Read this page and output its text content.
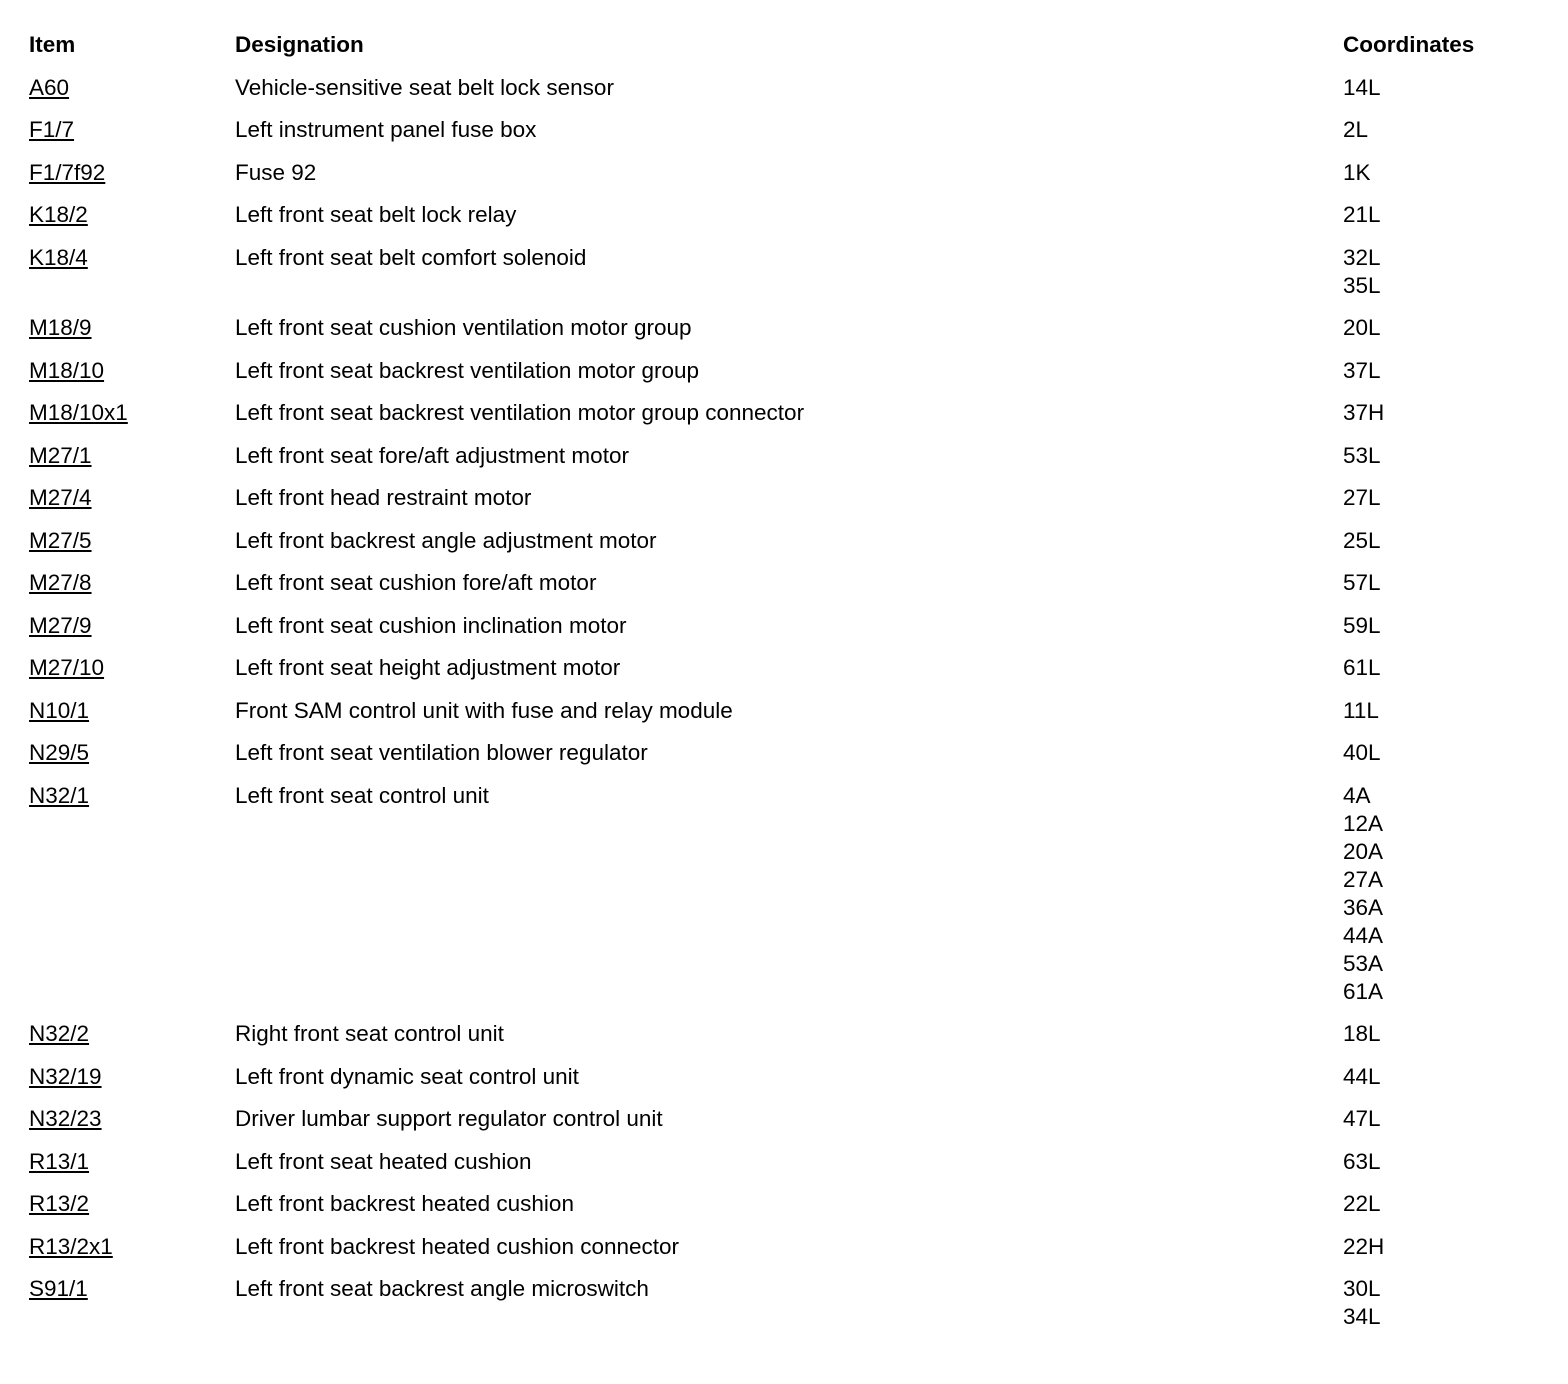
Item	Designation	Coordinates
A60	Vehicle-sensitive seat belt lock sensor	14L
F1/7	Left instrument panel fuse box	2L
F1/7f92	Fuse 92	1K
K18/2	Left front seat belt lock relay	21L
K18/4	Left front seat belt comfort solenoid	32L
35L
M18/9	Left front seat cushion ventilation motor group	20L
M18/10	Left front seat backrest ventilation motor group	37L
M18/10x1	Left front seat backrest ventilation motor group connector	37H
M27/1	Left front seat fore/aft adjustment motor	53L
M27/4	Left front head restraint motor	27L
M27/5	Left front backrest angle adjustment motor	25L
M27/8	Left front seat cushion fore/aft motor	57L
M27/9	Left front seat cushion inclination motor	59L
M27/10	Left front seat height adjustment motor	61L
N10/1	Front SAM control unit with fuse and relay module	11L
N29/5	Left front seat ventilation blower regulator	40L
N32/1	Left front seat control unit	4A
12A
20A
27A
36A
44A
53A
61A
N32/2	Right front seat control unit	18L
N32/19	Left front dynamic seat control unit	44L
N32/23	Driver lumbar support regulator control unit	47L
R13/1	Left front seat heated cushion	63L
R13/2	Left front backrest heated cushion	22L
R13/2x1	Left front backrest heated cushion connector	22H
S91/1	Left front seat backrest angle microswitch	30L
34L
